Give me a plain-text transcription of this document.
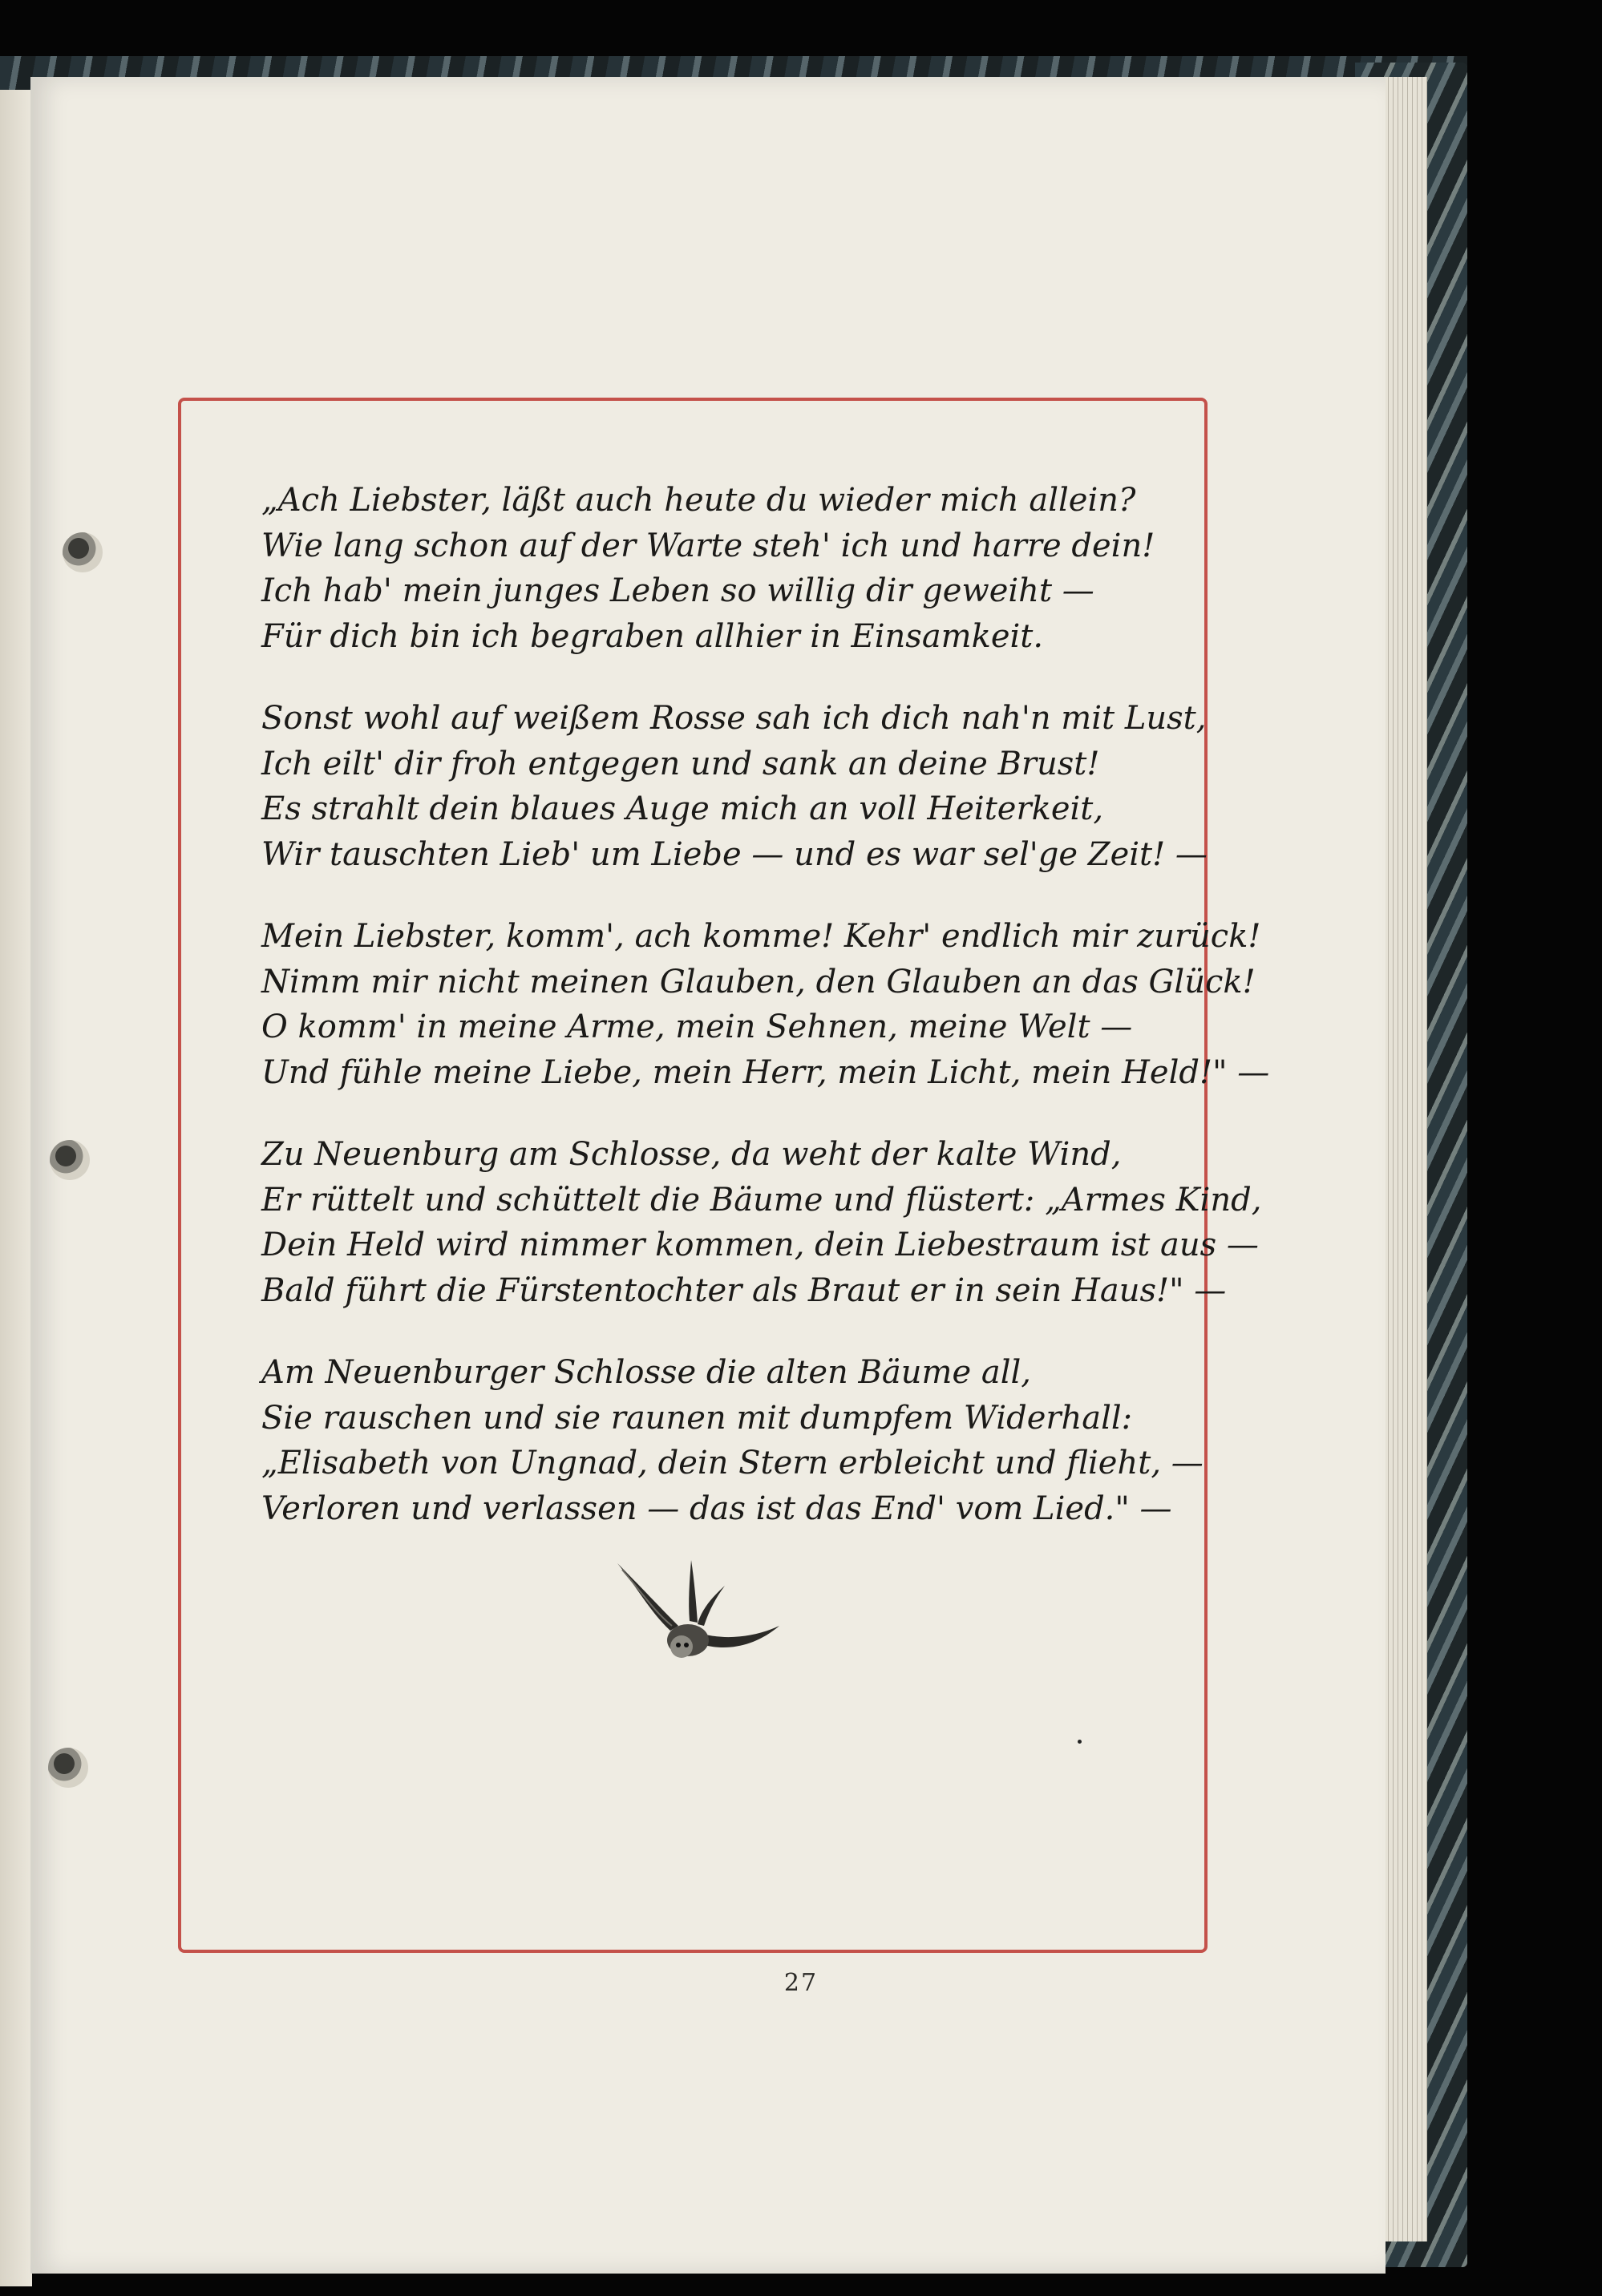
„Ach Liebster, läßt auch heute du wieder mich allein?
Wie lang schon auf der Warte steh' ich und harre dein!
Ich hab' mein junges Leben so willig dir geweiht —
Für dich bin ich begraben allhier in Einsamkeit.
Sonst wohl auf weißem Rosse sah ich dich nah'n mit Lust,
Ich eilt' dir froh entgegen und sank an deine Brust!
Es strahlt dein blaues Auge mich an voll Heiterkeit,
Wir tauschten Lieb' um Liebe — und es war sel'ge Zeit! —
Mein Liebster, komm', ach komme! Kehr' endlich mir zurück!
Nimm mir nicht meinen Glauben, den Glauben an das Glück!
O komm' in meine Arme, mein Sehnen, meine Welt —
Und fühle meine Liebe, mein Herr, mein Licht, mein Held!" —
Zu Neuenburg am Schlosse, da weht der kalte Wind,
Er rüttelt und schüttelt die Bäume und flüstert: „Armes Kind,
Dein Held wird nimmer kommen, dein Liebestraum ist aus —
Bald führt die Fürstentochter als Braut er in sein Haus!" —
Am Neuenburger Schlosse die alten Bäume all,
Sie rauschen und sie raunen mit dumpfem Widerhall:
„Elisabeth von Ungnad, dein Stern erbleicht und flieht, —
Verloren und verlassen — das ist das End' vom Lied." —
27
